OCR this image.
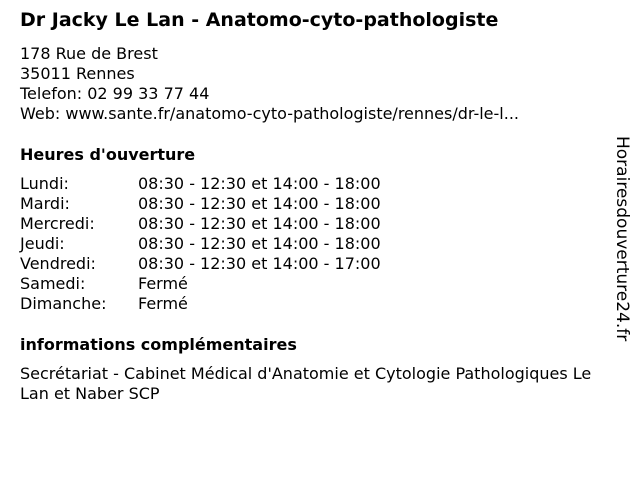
Dr Jacky Le Lan - Anatomo-cyto-pathologiste
178 Rue de Brest
35011 Rennes
Telefon: 02 99 33 77 44
Web: www.sante.fr/anatomo-cyto-pathologiste/rennes/dr-le-l...
Heures d'ouverture
Lundi:	08:30 - 12:30 et 14:00 - 18:00
Mardi:	08:30 - 12:30 et 14:00 - 18:00
Mercredi:	08:30 - 12:30 et 14:00 - 18:00
Jeudi:	08:30 - 12:30 et 14:00 - 18:00
Vendredi:	08:30 - 12:30 et 14:00 - 17:00
Samedi:	Fermé
Dimanche:	Fermé
informations complémentaires
Secrétariat - Cabinet Médical d'Anatomie et Cytologie Pathologiques Le Lan et Naber SCP
Horairesdouverture24.fr
